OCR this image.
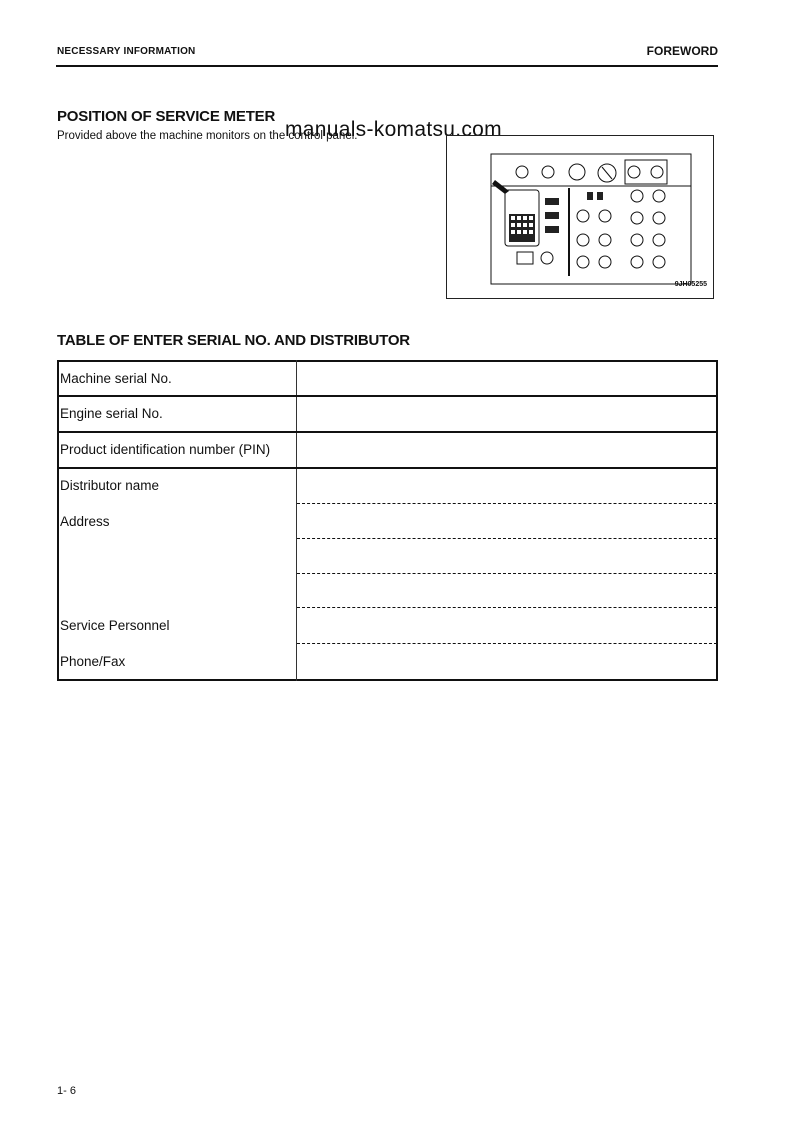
NECESSARY INFORMATION	FOREWORD
POSITION OF SERVICE METER
Provided above the machine monitors on the control panel.
manuals-komatsu.com
9JH05255
TABLE OF ENTER SERIAL NO. AND DISTRIBUTOR
Machine serial No.
Engine serial No.
Product identification number (PIN)
Distributor name
Address
Service Personnel
Phone/Fax
1- 6
